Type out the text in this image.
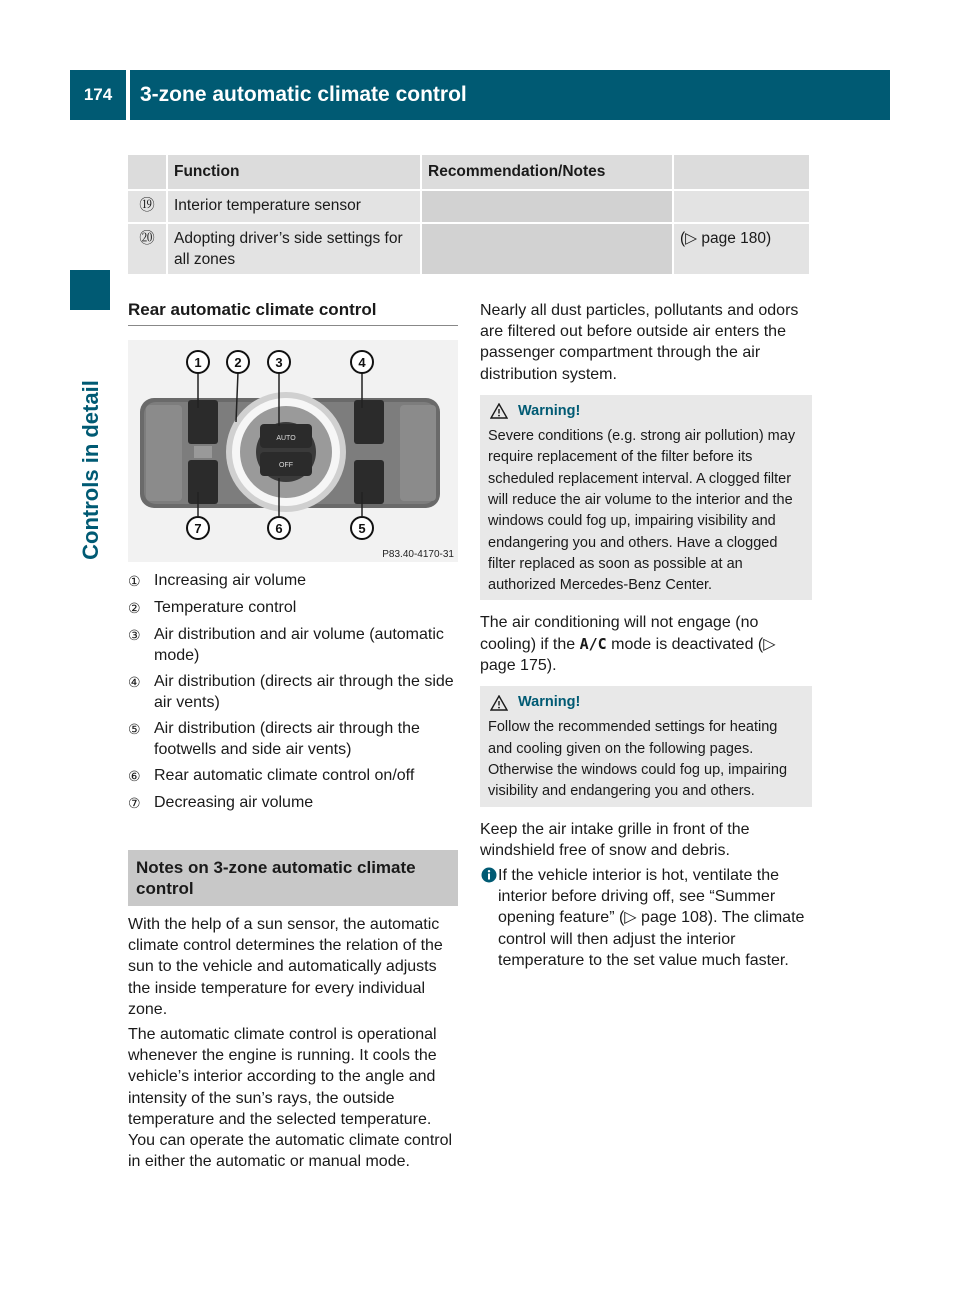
174	3-zone automatic climate control
Controls in detail
	Function	Recommendation/Notes	
⑲	Interior temperature sensor		
⑳	Adopting driver’s side settings for all zones		(▷ page 180)
Rear automatic climate control
AUTO
OFF
1	2	3	4
5
6
7
P83.40-4170-31
① Increasing air volume
② Temperature control
③ Air distribution and air volume (automatic mode)
④ Air distribution (directs air through the side air vents)
⑤ Air distribution (directs air through the footwells and side air vents)
⑥ Rear automatic climate control on/off
⑦ Decreasing air volume
Notes on 3-zone automatic climate control

With the help of a sun sensor, the automatic climate control determines the relation of the sun to the vehicle and automatically adjusts the inside temperature for every individual zone.

The automatic climate control is operational whenever the engine is running. It cools the vehicle’s interior according to the angle and intensity of the sun’s rays, the outside temperature and the selected temperature. You can operate the automatic climate control in either the automatic or manual mode.

Nearly all dust particles, pollutants and odors are filtered out before outside air enters the passenger compartment through the air distribution system.

Warning!
Severe conditions (e.g. strong air pollution) may require replacement of the filter before its scheduled replacement interval. A clogged filter will reduce the air volume to the interior and the windows could fog up, impairing visibility and endangering you and others. Have a clogged filter replaced as soon as possible at an authorized Mercedes-Benz Center.

The air conditioning will not engage (no cooling) if the A/C mode is deactivated (▷ page 175).

Warning!
Follow the recommended settings for heating and cooling given on the following pages. Otherwise the windows could fog up, impairing visibility and endangering you and others.

Keep the air intake grille in front of the windshield free of snow and debris.

If the vehicle interior is hot, ventilate the interior before driving off, see “Summer opening feature” (▷ page 108). The climate control will then adjust the interior temperature to the set value much faster.
